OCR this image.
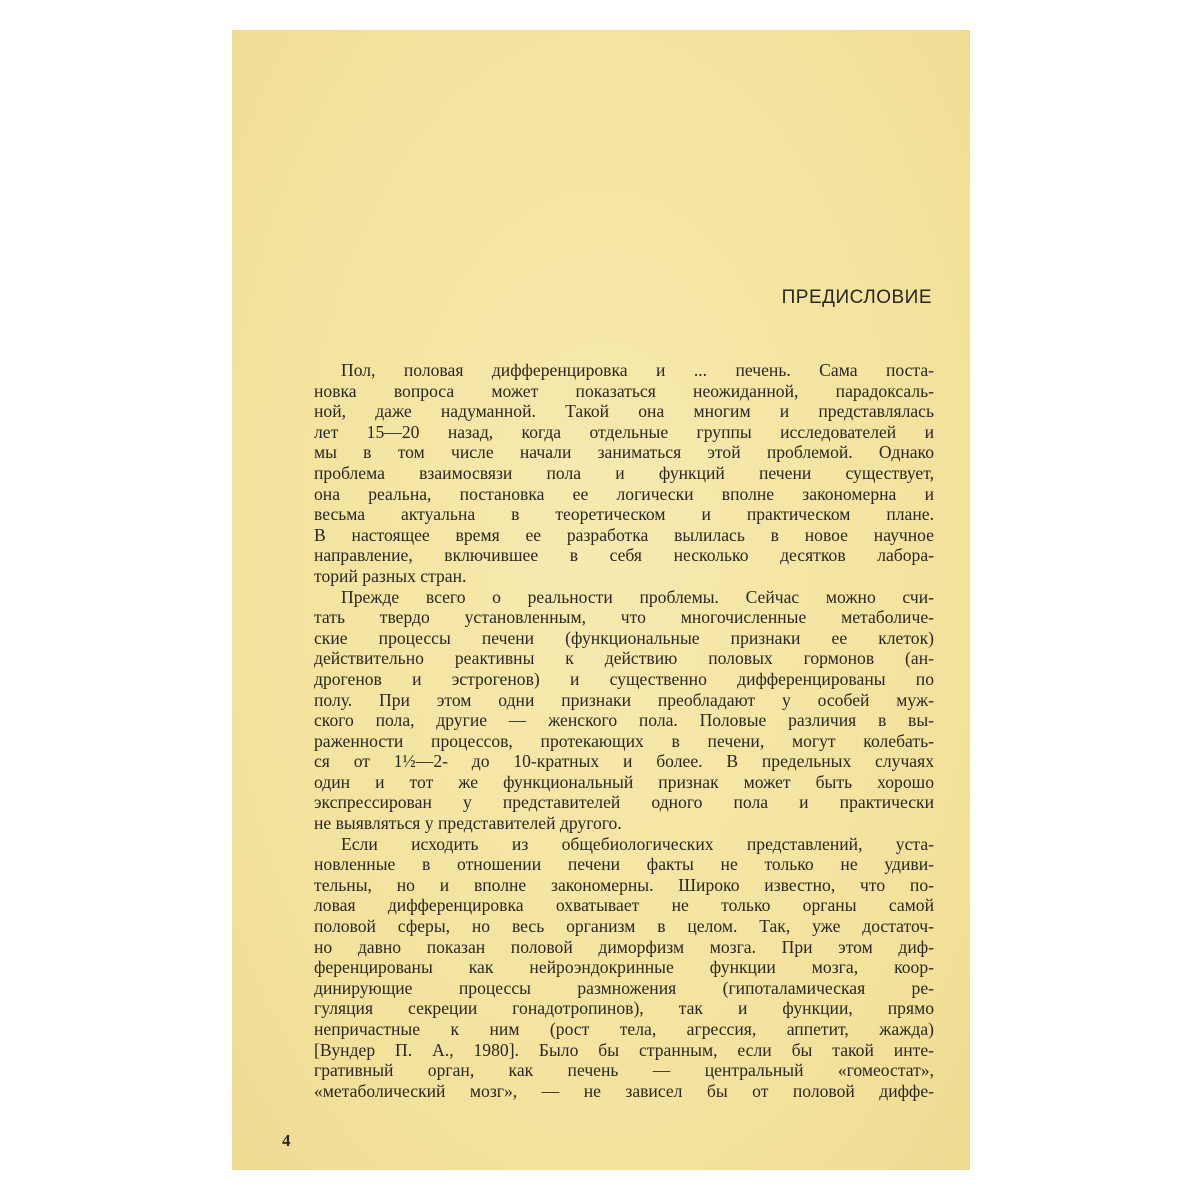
ПРЕДИСЛОВИЕ
Пол, половая дифференцировка и ... печень. Сама поста-
новка вопроса может показаться неожиданной, парадоксаль-
ной, даже надуманной. Такой она многим и представлялась
лет 15—20 назад, когда отдельные группы исследователей и
мы в том числе начали заниматься этой проблемой. Однако
проблема взаимосвязи пола и функций печени существует,
она реальна, постановка ее логически вполне закономерна и
весьма актуальна в теоретическом и практическом плане.
В настоящее время ее разработка вылилась в новое научное
направление, включившее в себя несколько десятков лабора-
торий разных стран.
Прежде всего о реальности проблемы. Сейчас можно счи-
тать твердо установленным, что многочисленные метаболиче-
ские процессы печени (функциональные признаки ее клеток)
действительно реактивны к действию половых гормонов (ан-
дрогенов и эстрогенов) и существенно дифференцированы по
полу. При этом одни признаки преобладают у особей муж-
ского пола, другие — женского пола. Половые различия в вы-
раженности процессов, протекающих в печени, могут колебать-
ся от 1½—2- до 10-кратных и более. В предельных случаях
один и тот же функциональный признак может быть хорошо
экспрессирован у представителей одного пола и практически
не выявляться у представителей другого.
Если исходить из общебиологических представлений, уста-
новленные в отношении печени факты не только не удиви-
тельны, но и вполне закономерны. Широко известно, что по-
ловая дифференцировка охватывает не только органы самой
половой сферы, но весь организм в целом. Так, уже достаточ-
но давно показан половой диморфизм мозга. При этом диф-
ференцированы как нейроэндокринные функции мозга, коор-
динирующие процессы размножения (гипоталамическая ре-
гуляция секреции гонадотропинов), так и функции, прямо
непричастные к ним (рост тела, агрессия, аппетит, жажда)
[Вундер П. А., 1980]. Было бы странным, если бы такой инте-
гративный орган, как печень — центральный «гомеостат»,
«метаболический мозг», — не зависел бы от половой диффе-
4
